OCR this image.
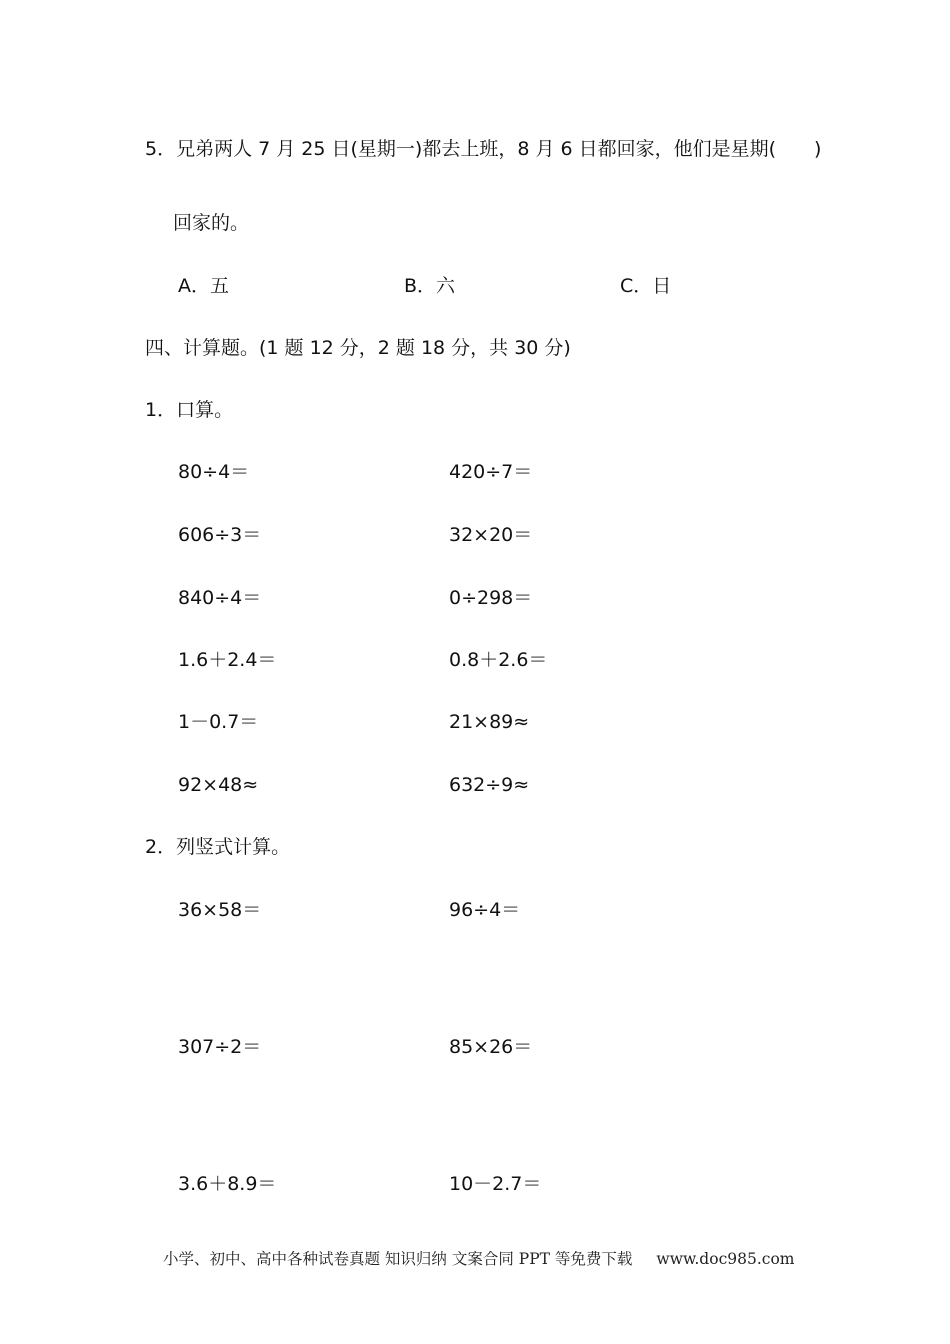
5．兄弟两人 7 月 25 日(星期一)都去上班，8 月 6 日都回家，他们是星期(　　)
回家的。
A．五	B．六	C．日
四、计算题。(1 题 12 分，2 题 18 分，共 30 分)
1．口算。
80÷4＝	420÷7＝
606÷3＝	32×20＝
840÷4＝	0÷298＝
1.6＋2.4＝	0.8＋2.6＝
1－0.7＝	21×89≈
92×48≈	632÷9≈
2．列竖式计算。
36×58＝	96÷4＝
307÷2＝	85×26＝
3.6＋8.9＝	10－2.7＝
小学、初中、高中各种试卷真题 知识归纳 文案合同 PPT 等免费下载 www.doc985.com
